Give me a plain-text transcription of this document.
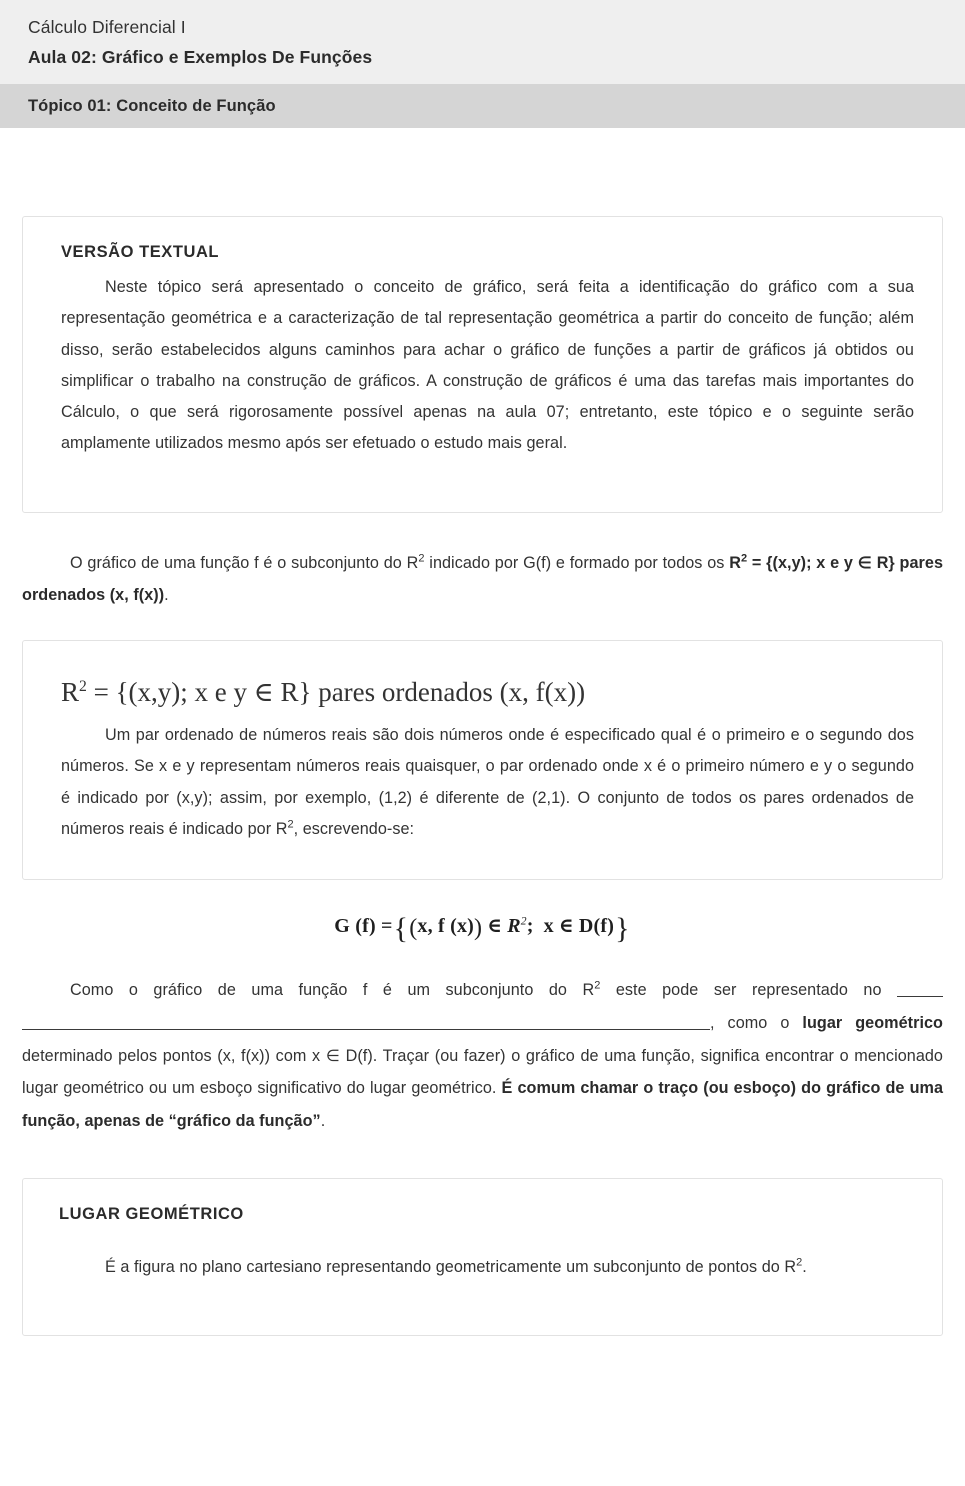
Cálculo Diferencial I
Aula 02: Gráfico e Exemplos De Funções
Tópico 01: Conceito de Função
VERSÃO TEXTUAL

Neste tópico será apresentado o conceito de gráfico, será feita a identificação do gráfico com a sua representação geométrica e a caracterização de tal representação geométrica a partir do conceito de função; além disso, serão estabelecidos alguns caminhos para achar o gráfico de funções a partir de gráficos já obtidos ou simplificar o trabalho na construção de gráficos. A construção de gráficos é uma das tarefas mais importantes do Cálculo, o que será rigorosamente possível apenas na aula 07; entretanto, este tópico e o seguinte serão amplamente utilizados mesmo após ser efetuado o estudo mais geral.

O gráfico de uma função f é o subconjunto do $R^2$ indicado por G(f) e formado por todos os $R^2 = \{(x,y)$; x e y ∈ R} pares ordenados (x, f(x)).

$R^2 = \{(x,y)$; x e y ∈ R} pares ordenados (x, f(x))

Um par ordenado de números reais são dois números onde é especificado qual é o primeiro e o segundo dos números. Se x e y representam números reais quaisquer, o par ordenado onde x é o primeiro número e y o segundo é indicado por (x,y); assim, por exemplo, (1,2) é diferente de (2,1). O conjunto de todos os pares ordenados de números reais é indicado por $R^2$, escrevendo-se:

G (f) ={(x, f (x)) ∈ $R^2$; x ∈ D(f)}

Como o gráfico de uma função f é um subconjunto do $R^2$ este pode ser representado no , como o lugar geométrico determinado pelos pontos (x, f(x)) com x ∈ D(f). Traçar (ou fazer) o gráfico de uma função, significa encontrar o mencionado lugar geométrico ou um esboço significativo do lugar geométrico. É comum chamar o traço (ou esboço) do gráfico de uma função, apenas de “gráfico da função”.

LUGAR GEOMÉTRICO

É a figura no plano cartesiano representando geometricamente um subconjunto de pontos do $R^2$.
